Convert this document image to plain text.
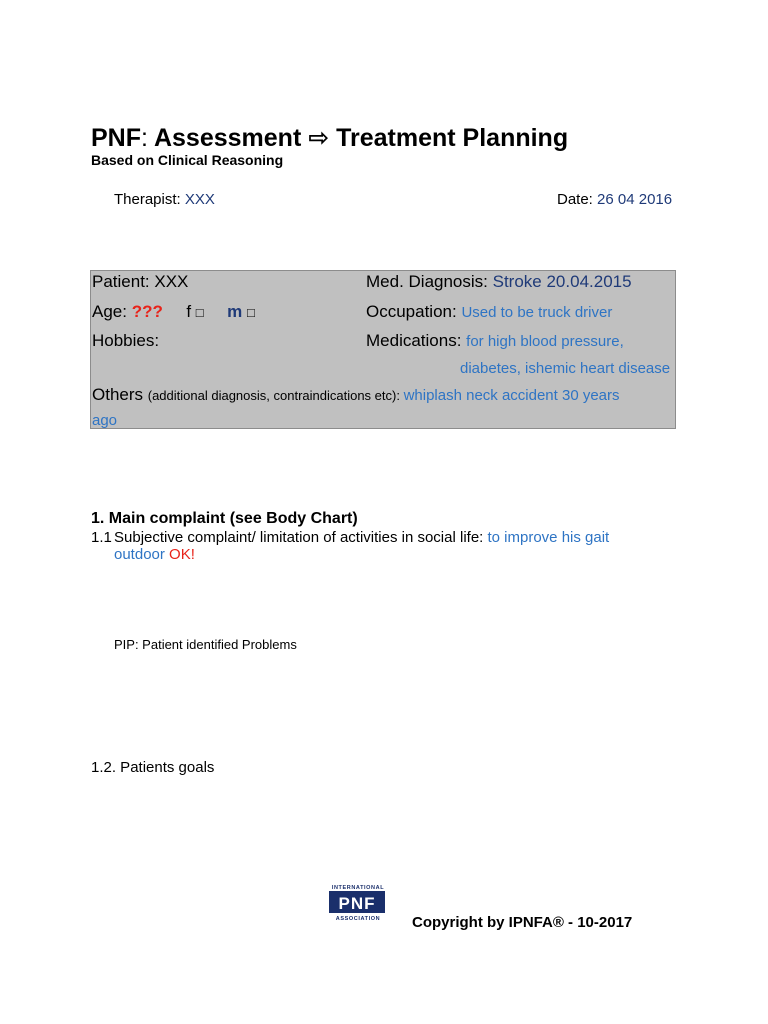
PNF: Assessment ⇨ Treatment Planning
Based on Clinical Reasoning
Therapist: XXX	Date: 26 04 2016
Patient: XXX	Med. Diagnosis: Stroke 20.04.2015
Age: ??? f □ m □	Occupation: Used to be truck driver
Hobbies:	Medications: for high blood pressure,
diabetes, ishemic heart disease
Others (additional diagnosis, contraindications etc): whiplash neck accident 30 years
ago
1. Main complaint (see Body Chart)
1.1 Subjective complaint/ limitation of activities in social life: to improve his gait
outdoor OK!
PIP: Patient identified Problems
1.2. Patients goals
INTERNATIONAL
PNF
ASSOCIATION Copyright by IPNFA® - 10-2017
